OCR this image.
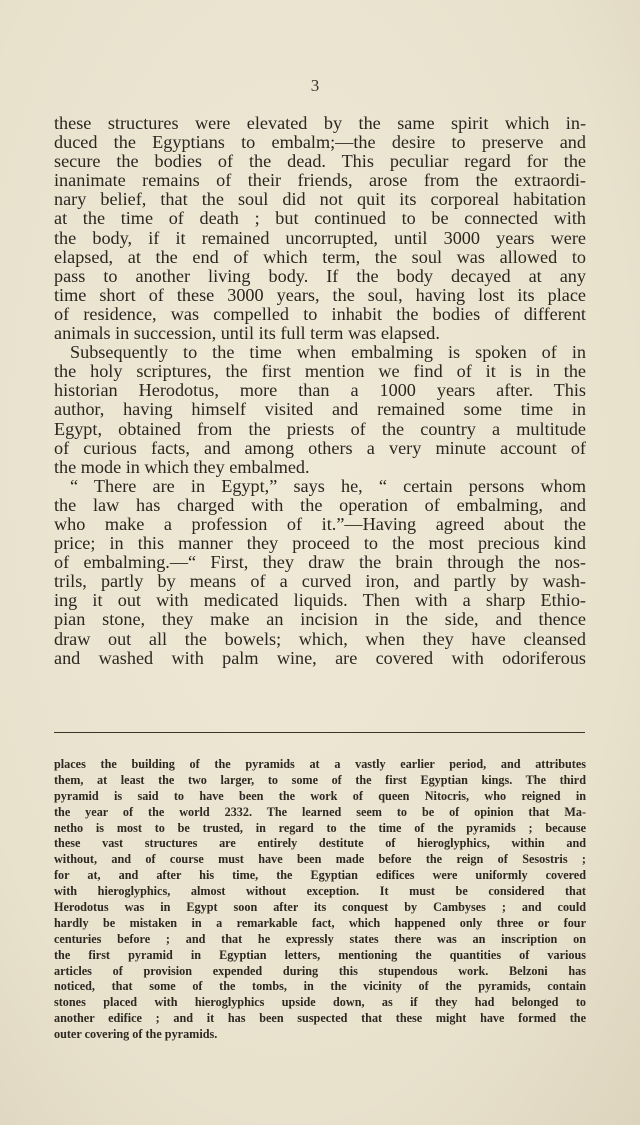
3
these structures were elevated by the same spirit which in-
duced the Egyptians to embalm;—the desire to preserve and
secure the bodies of the dead. This peculiar regard for the
inanimate remains of their friends, arose from the extraordi-
nary belief, that the soul did not quit its corporeal habitation
at the time of death ; but continued to be connected with
the body, if it remained uncorrupted, until 3000 years were
elapsed, at the end of which term, the soul was allowed to
pass to another living body. If the body decayed at any
time short of these 3000 years, the soul, having lost its place
of residence, was compelled to inhabit the bodies of different
animals in succession, until its full term was elapsed.
Subsequently to the time when embalming is spoken of in
the holy scriptures, the first mention we find of it is in the
historian Herodotus, more than a 1000 years after. This
author, having himself visited and remained some time in
Egypt, obtained from the priests of the country a multitude
of curious facts, and among others a very minute account of
the mode in which they embalmed.
“ There are in Egypt,” says he, “ certain persons whom
the law has charged with the operation of embalming, and
who make a profession of it.”—Having agreed about the
price; in this manner they proceed to the most precious kind
of embalming.—“ First, they draw the brain through the nos-
trils, partly by means of a curved iron, and partly by wash-
ing it out with medicated liquids. Then with a sharp Ethio-
pian stone, they make an incision in the side, and thence
draw out all the bowels; which, when they have cleansed
and washed with palm wine, are covered with odoriferous
places the building of the pyramids at a vastly earlier period, and attributes
them, at least the two larger, to some of the first Egyptian kings. The third
pyramid is said to have been the work of queen Nitocris, who reigned in
the year of the world 2332. The learned seem to be of opinion that Ma-
netho is most to be trusted, in regard to the time of the pyramids ; because
these vast structures are entirely destitute of hieroglyphics, within and
without, and of course must have been made before the reign of Sesostris ;
for at, and after his time, the Egyptian edifices were uniformly covered
with hieroglyphics, almost without exception. It must be considered that
Herodotus was in Egypt soon after its conquest by Cambyses ; and could
hardly be mistaken in a remarkable fact, which happened only three or four
centuries before ; and that he expressly states there was an inscription on
the first pyramid in Egyptian letters, mentioning the quantities of various
articles of provision expended during this stupendous work. Belzoni has
noticed, that some of the tombs, in the vicinity of the pyramids, contain
stones placed with hieroglyphics upside down, as if they had belonged to
another edifice ; and it has been suspected that these might have formed the
outer covering of the pyramids.
